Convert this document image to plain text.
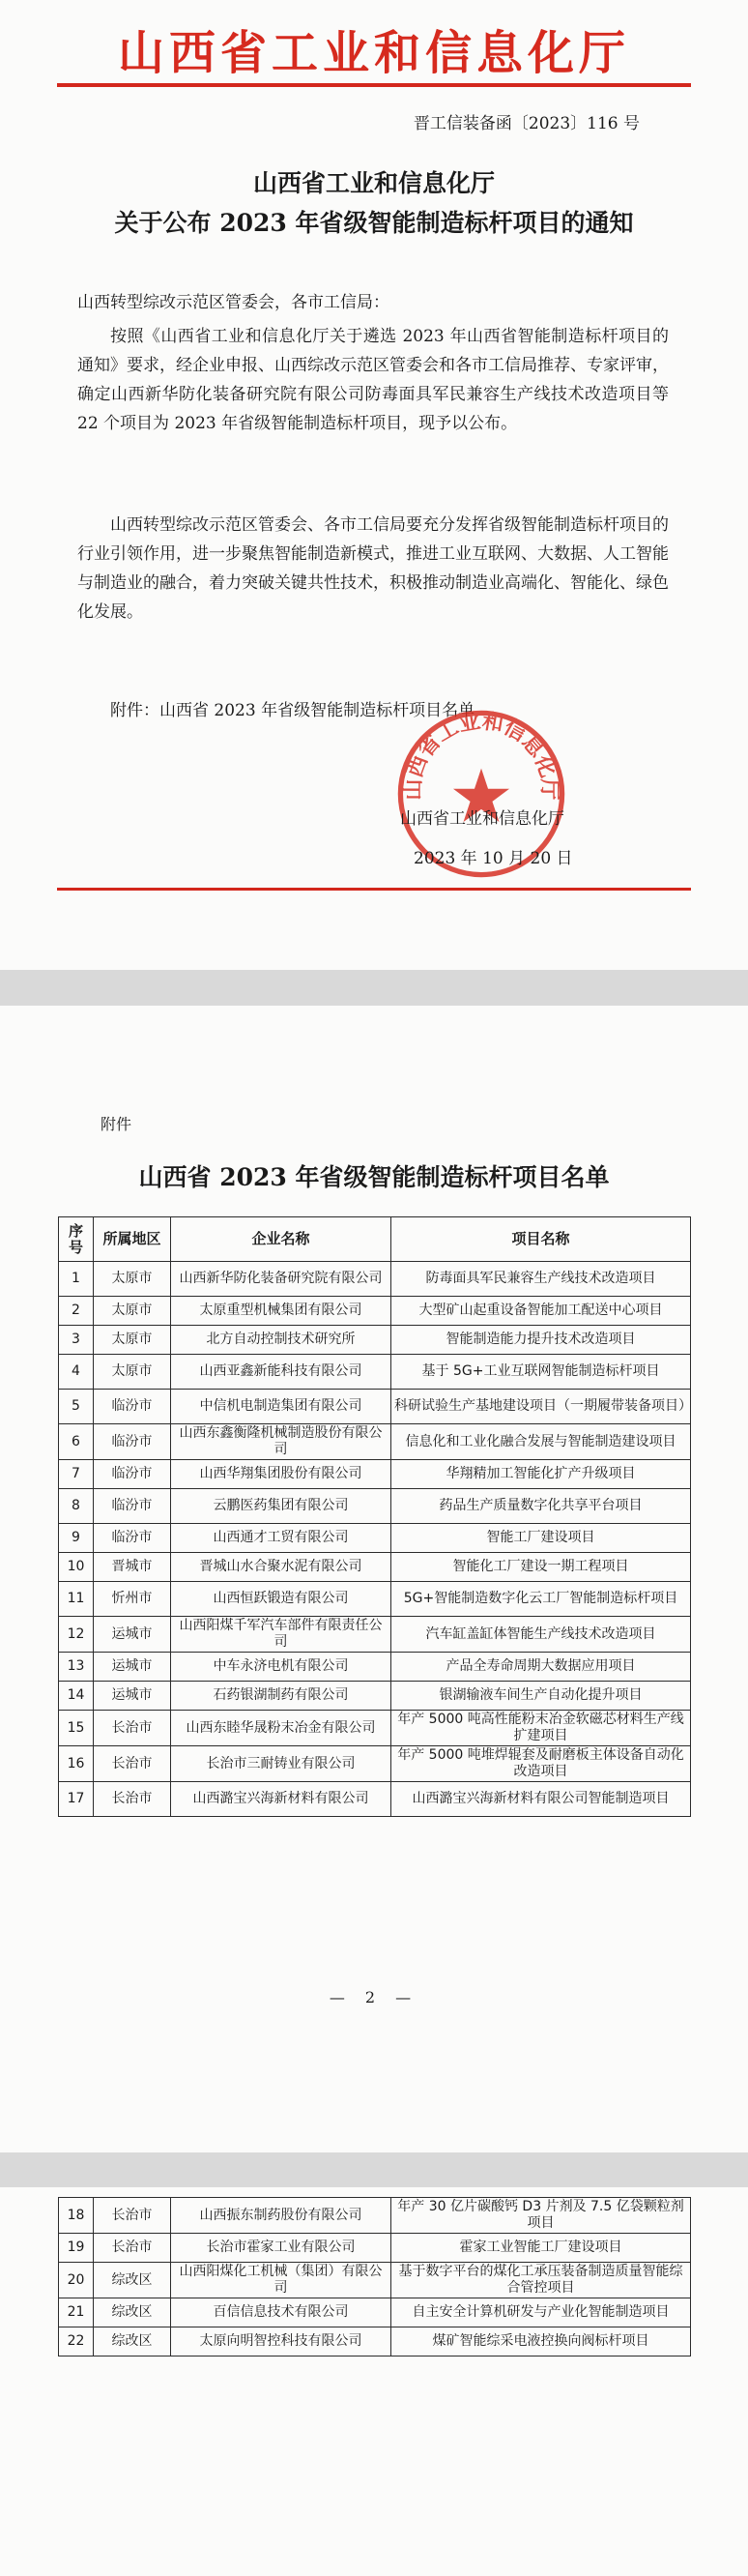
山西省工业和信息化厅
晋工信装备函〔2023〕116 号
山西省工业和信息化厅
关于公布 2023 年省级智能制造标杆项目的通知
山西转型综改示范区管委会，各市工信局：
按照《山西省工业和信息化厅关于遴选 2023 年山西省智能制造标杆项目的通知》要求，经企业申报、山西综改示范区管委会和各市工信局推荐、专家评审，确定山西新华防化装备研究院有限公司防毒面具军民兼容生产线技术改造项目等 22 个项目为 2023 年省级智能制造标杆项目，现予以公布。
山西转型综改示范区管委会、各市工信局要充分发挥省级智能制造标杆项目的行业引领作用，进一步聚焦智能制造新模式，推进工业互联网、大数据、人工智能与制造业的融合，着力突破关键共性技术，积极推动制造业高端化、智能化、绿色化发展。
附件：山西省 2023 年省级智能制造标杆项目名单
山西省工业和信息化厅
山西省工业和信息化厅
2023 年 10 月 20 日
附件
山西省 2023 年省级智能制造标杆项目名单
序号	所属地区	企业名称	项目名称
1	太原市	山西新华防化装备研究院有限公司	防毒面具军民兼容生产线技术改造项目
2	太原市	太原重型机械集团有限公司	大型矿山起重设备智能加工配送中心项目
3	太原市	北方自动控制技术研究所	智能制造能力提升技术改造项目
4	太原市	山西亚鑫新能科技有限公司	基于 5G+工业互联网智能制造标杆项目
5	临汾市	中信机电制造集团有限公司	科研试验生产基地建设项目（一期履带装备项目）
6	临汾市	山西东鑫衡隆机械制造股份有限公司	信息化和工业化融合发展与智能制造建设项目
7	临汾市	山西华翔集团股份有限公司	华翔精加工智能化扩产升级项目
8	临汾市	云鹏医药集团有限公司	药品生产质量数字化共享平台项目
9	临汾市	山西通才工贸有限公司	智能工厂建设项目
10	晋城市	晋城山水合聚水泥有限公司	智能化工厂建设一期工程项目
11	忻州市	山西恒跃锻造有限公司	5G+智能制造数字化云工厂智能制造标杆项目
12	运城市	山西阳煤千军汽车部件有限责任公司	汽车缸盖缸体智能生产线技术改造项目
13	运城市	中车永济电机有限公司	产品全寿命周期大数据应用项目
14	运城市	石药银湖制药有限公司	银湖输液车间生产自动化提升项目
15	长治市	山西东睦华晟粉末冶金有限公司	年产 5000 吨高性能粉末冶金软磁芯材料生产线扩建项目
16	长治市	长治市三耐铸业有限公司	年产 5000 吨堆焊辊套及耐磨板主体设备自动化改造项目
17	长治市	山西潞宝兴海新材料有限公司	山西潞宝兴海新材料有限公司智能制造项目
— 2 —
18	长治市	山西振东制药股份有限公司	年产 30 亿片碳酸钙 D3 片剂及 7.5 亿袋颗粒剂项目
19	长治市	长治市霍家工业有限公司	霍家工业智能工厂建设项目
20	综改区	山西阳煤化工机械（集团）有限公司	基于数字平台的煤化工承压装备制造质量智能综合管控项目
21	综改区	百信信息技术有限公司	自主安全计算机研发与产业化智能制造项目
22	综改区	太原向明智控科技有限公司	煤矿智能综采电液控换向阀标杆项目
